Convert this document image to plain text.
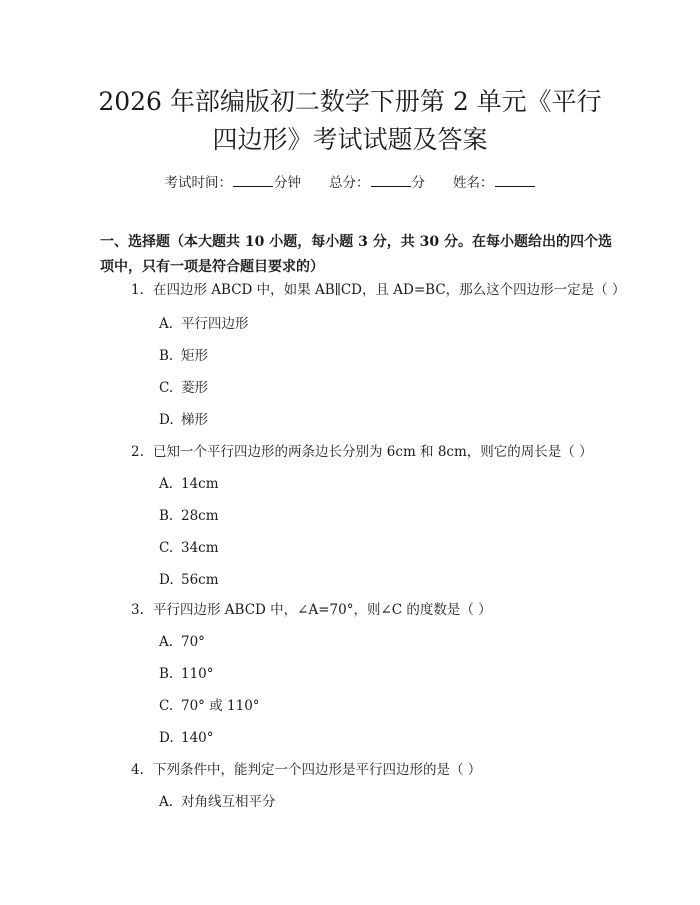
2026 年部编版初二数学下册第 2 单元《平行
四边形》考试试题及答案
考试时间：	分钟 总分：	分 姓名：
一、选择题（本大题共 10 小题，每小题 3 分，共 30 分。在每小题给出的四个选项中，只有一项是符合题目要求的）
1. 在四边形 ABCD 中，如果 AB∥CD，且 AD=BC，那么这个四边形一定是（ ）
A. 平行四边形
B. 矩形
C. 菱形
D. 梯形
2. 已知一个平行四边形的两条边长分别为 6cm 和 8cm，则它的周长是（ ）
A. 14cm
B. 28cm
C. 34cm
D. 56cm
3. 平行四边形 ABCD 中，∠A=70°，则∠C 的度数是（ ）
A. 70°
B. 110°
C. 70° 或 110°
D. 140°
4. 下列条件中，能判定一个四边形是平行四边形的是（ ）
A. 对角线互相平分
